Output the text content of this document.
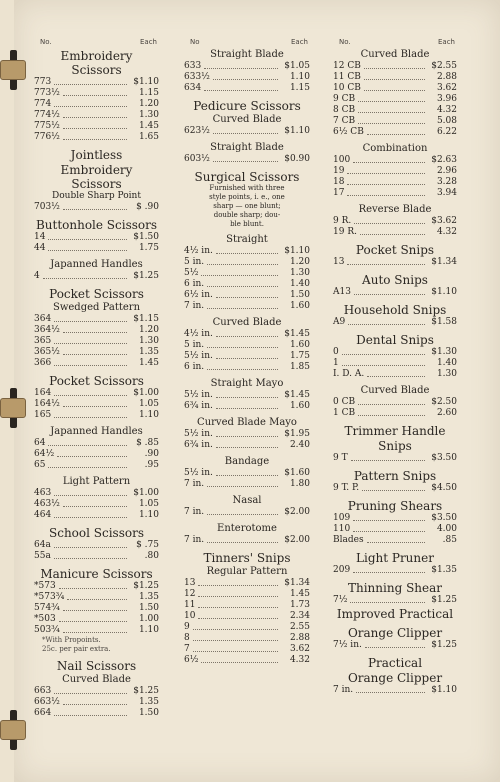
No.	Each
Embroidery Scissors
773	$1.10
773½	1.15
774	1.20
774½	1.30
775½	1.45
776½	1.65
Jointless
Embroidery Scissors
Double Sharp Point
703½	$ .90
Buttonhole Scissors
14	$1.50
44	1.75
Japanned Handles
4	$1.25
Pocket Scissors
Swedged Pattern
364	$1.15
364½	1.20
365	1.30
365½	1.35
366	1.45
Pocket Scissors
164	$1.00
164½	1.05
165	1.10
Japanned Handles
64	$ .85
64½	.90
65	.95
Light Pattern
463	$1.00
463½	1.05
464	1.10
School Scissors
64a	$ .75
55a	.80
Manicure Scissors
*573	$1.25
*573¾	1.35
574¾	1.50
*503	1.00
503¾	1.10
*With Propoints.
25c. per pair extra.
Nail Scissors
Curved Blade
663	$1.25
663½	1.35
664	1.50
No	Each
Straight Blade
633	$1.05
633½	1.10
634	1.15
Pedicure Scissors
Curved Blade
623½	$1.10
Straight Blade
603½	$0.90
Surgical Scissors
Furnished with three
style points, i. e., one
sharp — one blunt;
double sharp; dou-
ble blunt.
Straight
4½ in.	$1.10
5 in.	1.20
5½	1.30
6 in.	1.40
6½ in.	1.50
7 in.	1.60
Curved Blade
4½ in.	$1.45
5 in.	1.60
5½ in.	1.75
6 in.	1.85
Straight Mayo
5½ in.	$1.45
6¾ in.	1.60
Curved Blade Mayo
5½ in.	$1.95
6¾ in.	2.40
Bandage
5½ in.	$1.60
7 in.	1.80
Nasal
7 in.	$2.00
Enterotome
7 in.	$2.00
Tinners' Snips
Regular Pattern
13	$1.34
12	1.45
11	1.73
10	2.34
9	2.55
8	2.88
7	3.62
6½	4.32
No.	Each
Curved Blade
12 CB	$2.55
11 CB	2.88
10 CB	3.62
9 CB	3.96
8 CB	4.32
7 CB	5.08
6½ CB	6.22
Combination
100	$2.63
19	2.96
18	3.28
17	3.94
Reverse Blade
9 R.	$3.62
19 R.	4.32
Pocket Snips
13	$1.34
Auto Snips
A13	$1.10
Household Snips
A9	$1.58
Dental Snips
0	$1.30
1	1.40
I. D. A.	1.30
Curved Blade
0 CB	$2.50
1 CB	2.60
Trimmer Handle
Snips
9 T	$3.50
Pattern Snips
9 T. P.	$4.50
Pruning Shears
109	$3.50
110	4.00
Blades	.85
Light Pruner
209	$1.35
Thinning Shear
7½	$1.25
Improved Practical
Orange Clipper
7½ in.	$1.25
Practical
Orange Clipper
7 in.	$1.10
